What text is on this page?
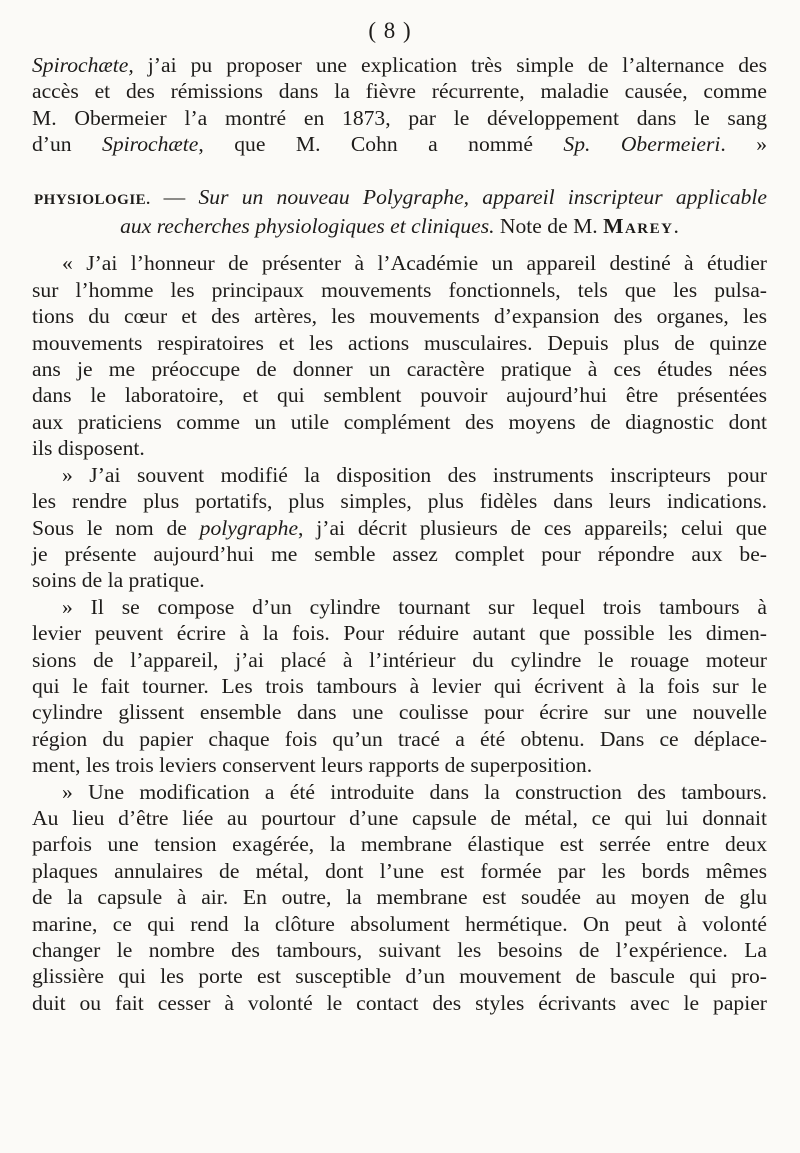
( 8 )
Spirochæte, j’ai pu proposer une explication très simple de l’alternance des
accès et des rémissions dans la fièvre récurrente, maladie causée, comme
M. Obermeier l’a montré en 1873, par le développement dans le sang
d’un Spirochæte, que M. Cohn a nommé Sp. Obermeieri. »
PHYSIOLOGIE. — Sur un nouveau Polygraphe, appareil inscripteur applicable
aux recherches physiologiques et cliniques. Note de M. Marey.
« J’ai l’honneur de présenter à l’Académie un appareil destiné à étudier
sur l’homme les principaux mouvements fonctionnels, tels que les pulsa-
tions du cœur et des artères, les mouvements d’expansion des organes, les
mouvements respiratoires et les actions musculaires. Depuis plus de quinze
ans je me préoccupe de donner un caractère pratique à ces études nées
dans le laboratoire, et qui semblent pouvoir aujourd’hui être présentées
aux praticiens comme un utile complément des moyens de diagnostic dont
ils disposent.
» J’ai souvent modifié la disposition des instruments inscripteurs pour
les rendre plus portatifs, plus simples, plus fidèles dans leurs indications.
Sous le nom de polygraphe, j’ai décrit plusieurs de ces appareils; celui que
je présente aujourd’hui me semble assez complet pour répondre aux be-
soins de la pratique.
» Il se compose d’un cylindre tournant sur lequel trois tambours à
levier peuvent écrire à la fois. Pour réduire autant que possible les dimen-
sions de l’appareil, j’ai placé à l’intérieur du cylindre le rouage moteur
qui le fait tourner. Les trois tambours à levier qui écrivent à la fois sur le
cylindre glissent ensemble dans une coulisse pour écrire sur une nouvelle
région du papier chaque fois qu’un tracé a été obtenu. Dans ce déplace-
ment, les trois leviers conservent leurs rapports de superposition.
» Une modification a été introduite dans la construction des tambours.
Au lieu d’être liée au pourtour d’une capsule de métal, ce qui lui donnait
parfois une tension exagérée, la membrane élastique est serrée entre deux
plaques annulaires de métal, dont l’une est formée par les bords mêmes
de la capsule à air. En outre, la membrane est soudée au moyen de glu
marine, ce qui rend la clôture absolument hermétique. On peut à volonté
changer le nombre des tambours, suivant les besoins de l’expérience. La
glissière qui les porte est susceptible d’un mouvement de bascule qui pro-
duit ou fait cesser à volonté le contact des styles écrivants avec le papier
